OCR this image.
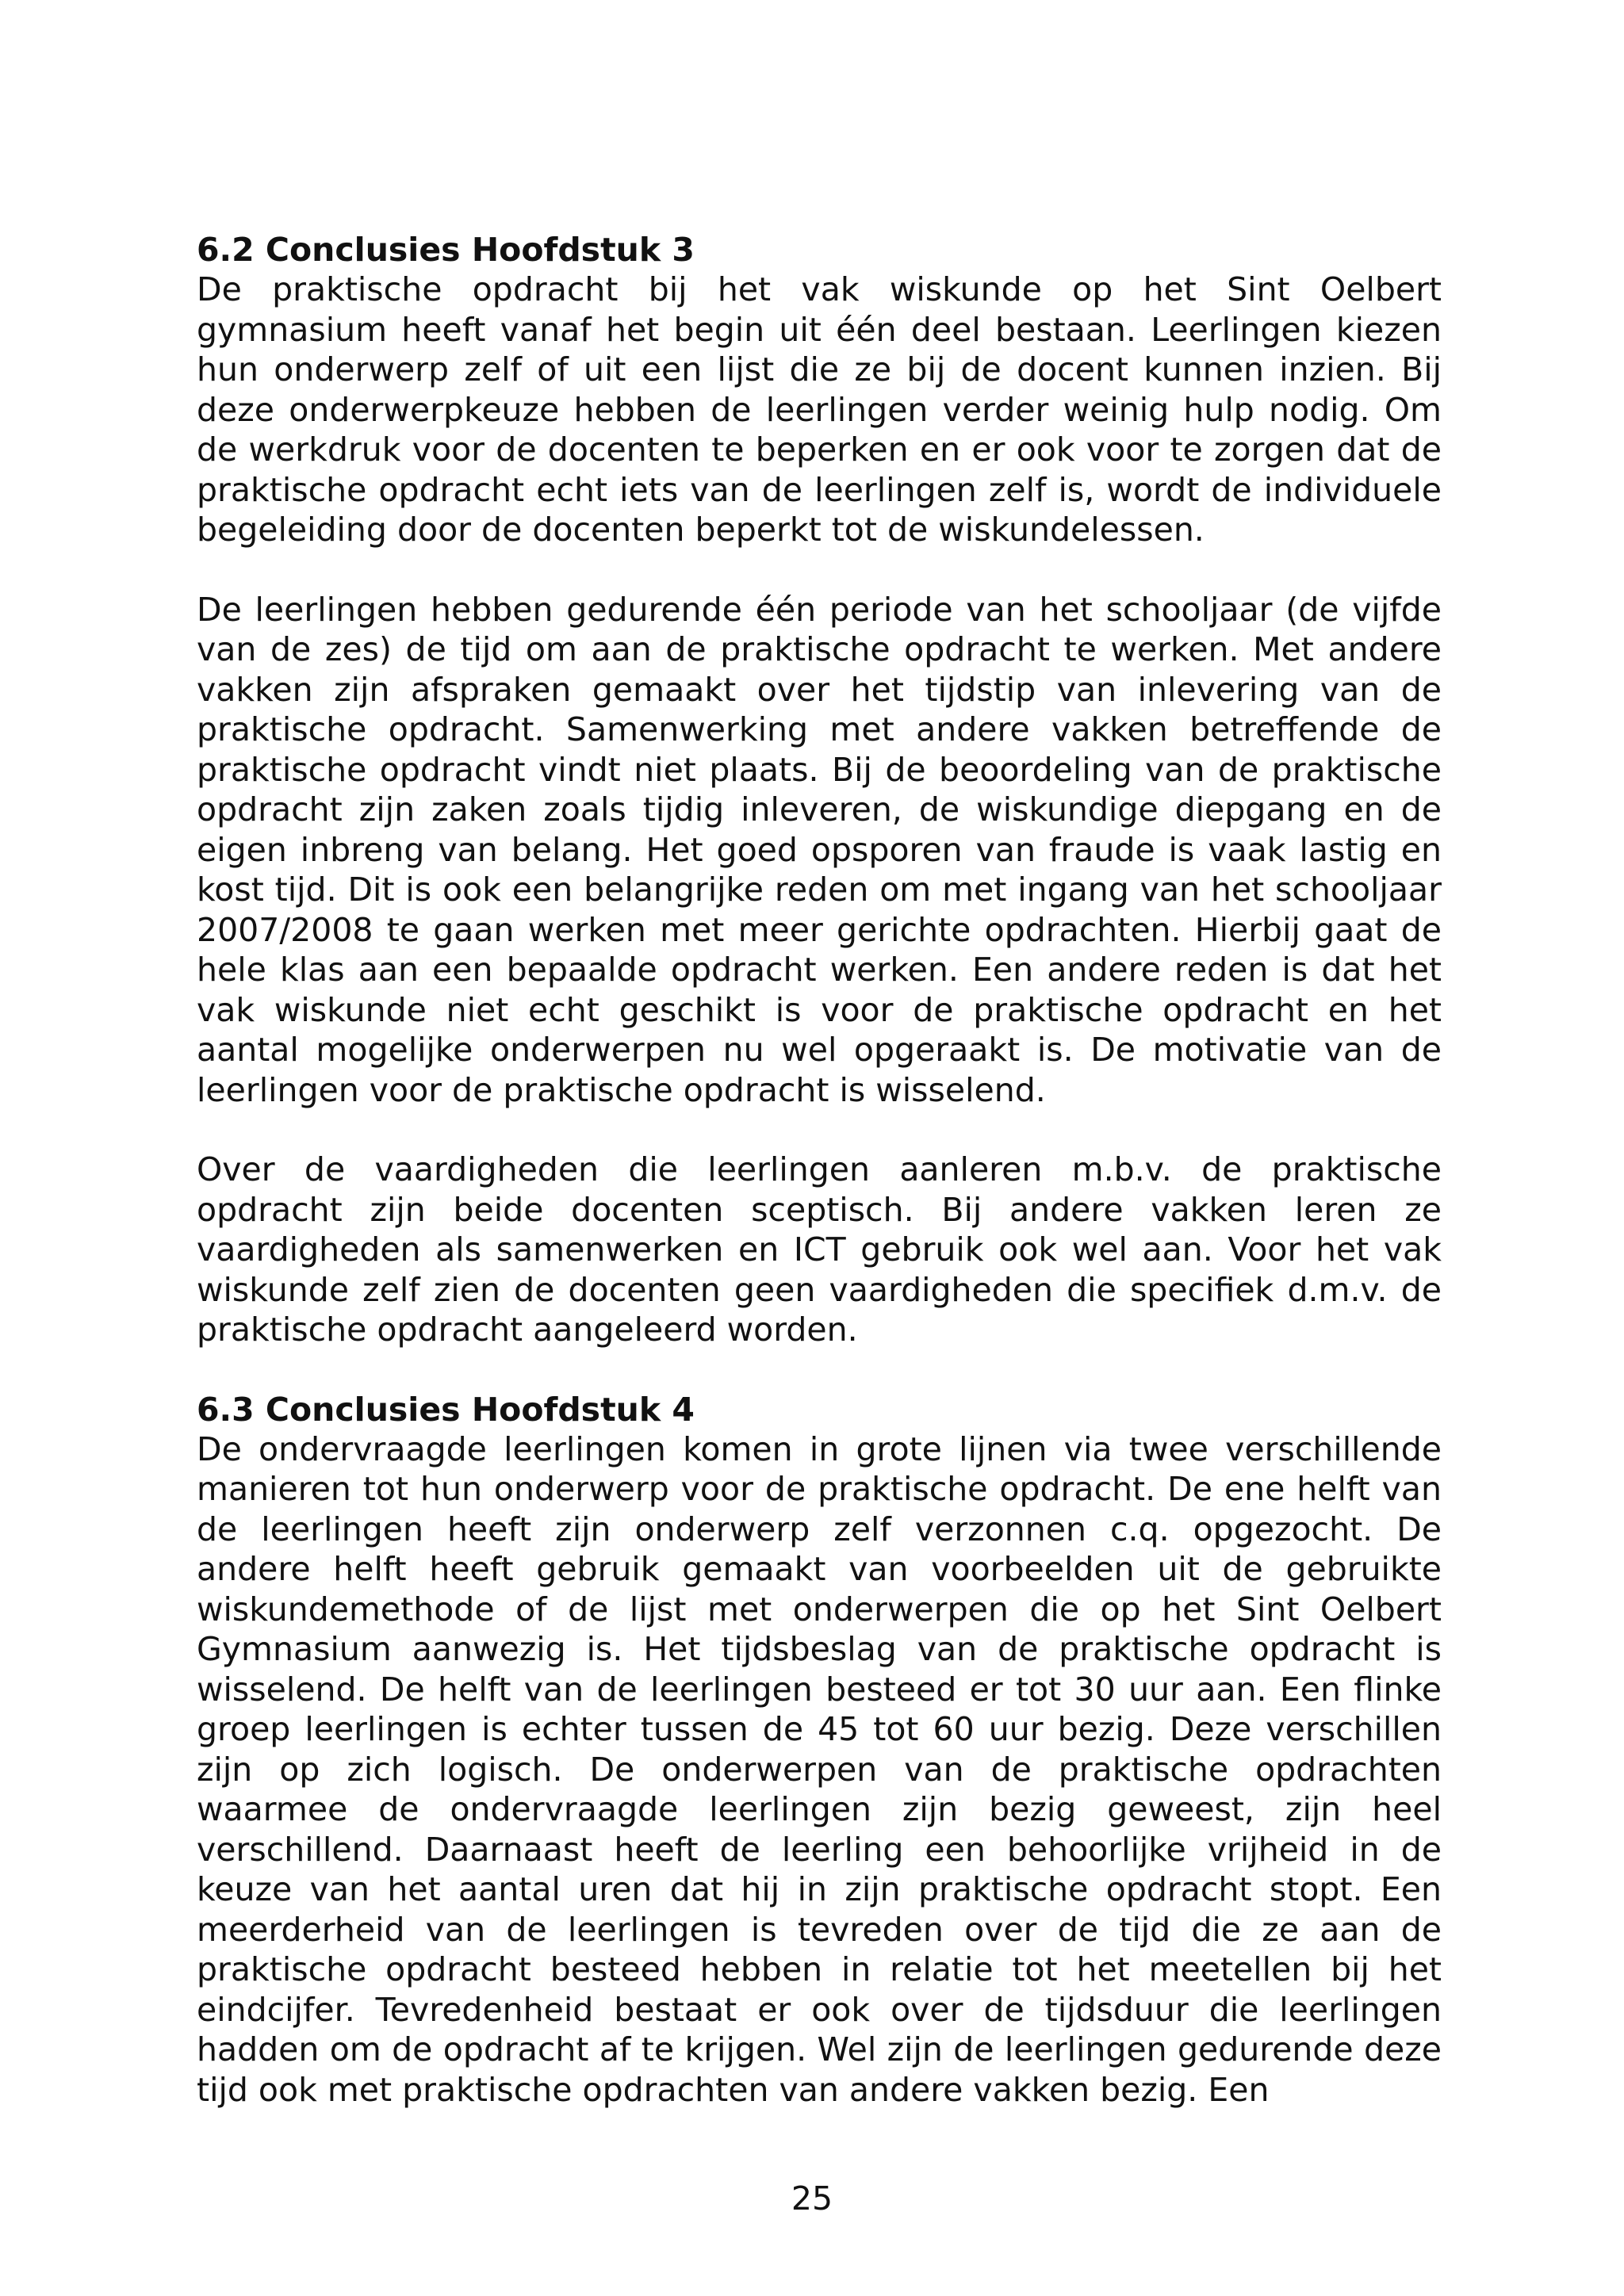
6.2 Conclusies Hoofdstuk 3

De praktische opdracht bij het vak wiskunde op het Sint Oelbert gymnasium heeft vanaf het begin uit één deel bestaan. Leerlingen kiezen hun onderwerp zelf of uit een lijst die ze bij de docent kunnen inzien. Bij deze onderwerpkeuze hebben de leerlingen verder weinig hulp nodig. Om de werkdruk voor de docenten te beperken en er ook voor te zorgen dat de praktische opdracht echt iets van de leerlingen zelf is, wordt de individuele begeleiding door de docenten beperkt tot de wiskundelessen.

De leerlingen hebben gedurende één periode van het schooljaar (de vijfde van de zes) de tijd om aan de praktische opdracht te werken. Met andere vakken zijn afspraken gemaakt over het tijdstip van inlevering van de praktische opdracht. Samenwerking met andere vakken betreffende de praktische opdracht vindt niet plaats. Bij de beoordeling van de praktische opdracht zijn zaken zoals tijdig inleveren, de wiskundige diepgang en de eigen inbreng van belang. Het goed opsporen van fraude is vaak lastig en kost tijd. Dit is ook een belangrijke reden om met ingang van het schooljaar 2007/2008 te gaan werken met meer gerichte opdrachten. Hierbij gaat de hele klas aan een bepaalde opdracht werken. Een andere reden is dat het vak wiskunde niet echt geschikt is voor de praktische opdracht en het aantal mogelijke onderwerpen nu wel opgeraakt is. De motivatie van de leerlingen voor de praktische opdracht is wisselend.

Over de vaardigheden die leerlingen aanleren m.b.v. de praktische opdracht zijn beide docenten sceptisch. Bij andere vakken leren ze vaardigheden als samenwerken en ICT gebruik ook wel aan. Voor het vak wiskunde zelf zien de docenten geen vaardigheden die specifiek d.m.v. de praktische opdracht aangeleerd worden.

6.3 Conclusies Hoofdstuk 4

De ondervraagde leerlingen komen in grote lijnen via twee verschillende manieren tot hun onderwerp voor de praktische opdracht. De ene helft van de leerlingen heeft zijn onderwerp zelf verzonnen c.q. opgezocht. De andere helft heeft gebruik gemaakt van voorbeelden uit de gebruikte wiskundemethode of de lijst met onderwerpen die op het Sint Oelbert Gymnasium aanwezig is. Het tijdsbeslag van de praktische opdracht is wisselend. De helft van de leerlingen besteed er tot 30 uur aan. Een flinke groep leerlingen is echter tussen de 45 tot 60 uur bezig. Deze verschillen zijn op zich logisch. De onderwerpen van de praktische opdrachten waarmee de ondervraagde leerlingen zijn bezig geweest, zijn heel verschillend. Daarnaast heeft de leerling een behoorlijke vrijheid in de keuze van het aantal uren dat hij in zijn praktische opdracht stopt. Een meerderheid van de leerlingen is tevreden over de tijd die ze aan de praktische opdracht besteed hebben in relatie tot het meetellen bij het eindcijfer. Tevredenheid bestaat er ook over de tijdsduur die leerlingen hadden om de opdracht af te krijgen. Wel zijn de leerlingen gedurende deze tijd ook met praktische opdrachten van andere vakken bezig. Een

25
